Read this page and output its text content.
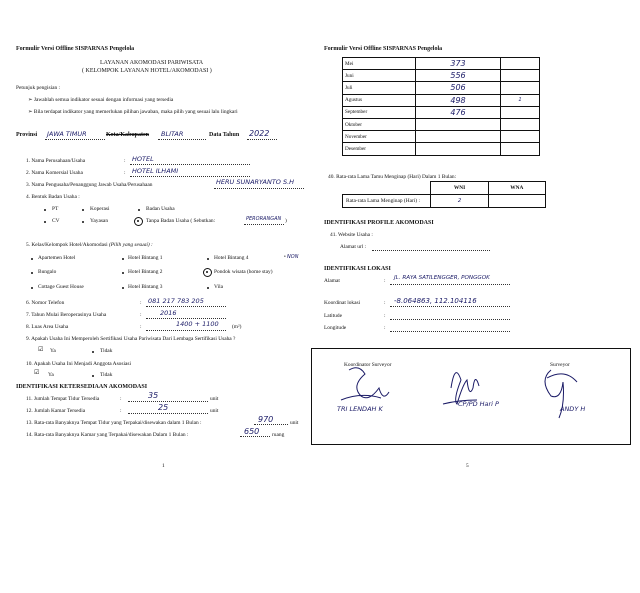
Formulir Versi Offline SISPARNAS Pengelola
LAYANAN AKOMODASI PARIWISATA
( KELOMPOK LAYANAN HOTEL/AKOMODASI )
Petunjuk pengisian :
➢ Jawablah semua indikator sesuai dengan informasi yang tersedia
➢ Bila terdapat indikator yang memerlukan pilihan jawaban, maka pilih yang sesuai lalu lingkari
Provinsi JAWA TIMUR	Kota/Kabupaten BLITAR	Data Tahun 2022
1. Nama Perusahaan/Usaha	: HOTEL
2. Nama Komersial Usaha	: HOTEL ILHAMI
3. Nama Pengusaha/Penanggung Jawab Usaha/Perusahaan	HERU SUNARYANTO S.H
4. Bentuk Badan Usaha :
PT	Koperasi	Badan Usaha
CV	Yayasan	Tanpa Badan Usaha ( Sebutkan:	PERORANGAN )
5. Kelas/Kelompok Hotel/Akomodasi (Pilih yang sesuai) :
Apartemen Hotel	Hotel Bintang 1	Hotel Bintang 4	• NON
Bungalo	Hotel Bintang 2	Pondok wisata (home stay)
Cottage Guest House	Hotel Bintang 3	Vila
6. Nomor Telefon	: 081 217 783 205
7. Tahun Mulai Beroperasinya Usaha	:	2016
8. Luas Area Usaha	:	1400 + 1100 (m²)
9. Apakah Usaha Ini Memperoleh Sertifikasi Usaha Pariwisata Dari Lembaga Sertifikasi Usaha ?
☑ Ya	Tidak
10. Apakah Usaha Ini Menjadi Anggota Asosiasi
☑ Ya	Tidak
IDENTIFIKASI KETERSEDIAAN AKOMODASI
11. Jumlah Tempat Tidur Tersedia	:	35	unit
12. Jumlah Kamar Tersedia	:	25	unit
13. Rata-rata Banyaknya Tempat Tidur yang Terpakai/disewakan dalam 1 Bulan :	970	unit
14. Rata-rata Banyaknya Kamar yang Terpakai/disewakan Dalam 1 Bulan :	650 ruang
1
Formulir Versi Offline SISPARNAS Pengelola
Mei	373	
Juni	556	
Juli	506	
Agustus	498	1
September	476	
Oktober		
November		
Desember		
40. Rata-rata Lama Tamu Menginap (Hari) Dalam 1 Bulan:
	WNI	WNA
Rata-rata Lama Menginap (Hari) :	2	
IDENTIFIKASI PROFILE AKOMODASI
41. Website Usaha :
Alamat url :
IDENTIFIKASI LOKASI
Alamat	: JL. RAYA SATILENGGER, PONGGOK
Koordinat lokasi	: -8.064863, 112.104116
Latitude	:
Longitude	:
Koordinator Surveyor	Surveyor
TRI LENDAH K
CP/PD Hari P
ANDY H
5
